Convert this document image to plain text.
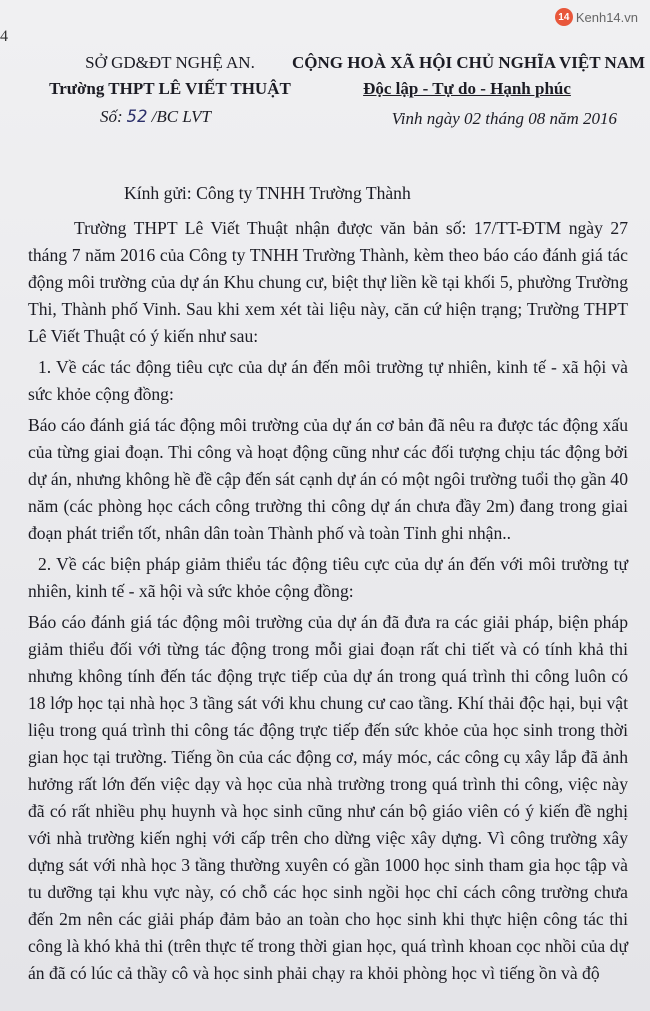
4
14 Kenh14.vn
SỞ GD&ĐT NGHỆ AN.
Trường THPT LÊ VIẾT THUẬT
Số: 52 /BC LVT
CỘNG HOÀ XÃ HỘI CHỦ NGHĨA VIỆT NAM
Độc lập - Tự do - Hạnh phúc
Vinh ngày 02 tháng 08 năm 2016

Kính gửi: Công ty TNHH Trường Thành

Trường THPT Lê Viết Thuật nhận được văn bản số: 17/TT-ĐTM ngày 27 tháng 7 năm 2016 của Công ty TNHH Trường Thành, kèm theo báo cáo đánh giá tác động môi trường của dự án Khu chung cư, biệt thự liền kề tại khối 5, phường Trường Thi, Thành phố Vinh. Sau khi xem xét tài liệu này, căn cứ hiện trạng; Trường THPT Lê Viết Thuật có ý kiến như sau:

1. Về các tác động tiêu cực của dự án đến môi trường tự nhiên, kinh tế - xã hội và sức khỏe cộng đồng:

Báo cáo đánh giá tác động môi trường của dự án cơ bản đã nêu ra được tác động xấu của từng giai đoạn. Thi công và hoạt động cũng như các đối tượng chịu tác động bởi dự án, nhưng không hề đề cập đến sát cạnh dự án có một ngôi trường tuổi thọ gần 40 năm (các phòng học cách công trường thi công dự án chưa đầy 2m) đang trong giai đoạn phát triển tốt, nhân dân toàn Thành phố và toàn Tỉnh ghi nhận..

2. Về các biện pháp giảm thiểu tác động tiêu cực của dự án đến với môi trường tự nhiên, kinh tế - xã hội và sức khỏe cộng đồng:

Báo cáo đánh giá tác động môi trường của dự án đã đưa ra các giải pháp, biện pháp giảm thiểu đối với từng tác động trong mỗi giai đoạn rất chi tiết và có tính khả thi nhưng không tính đến tác động trực tiếp của dự án trong quá trình thi công luôn có 18 lớp học tại nhà học 3 tầng sát với khu chung cư cao tầng. Khí thải độc hại, bụi vật liệu trong quá trình thi công tác động trực tiếp đến sức khỏe của học sinh trong thời gian học tại trường. Tiếng ồn của các động cơ, máy móc, các công cụ xây lắp đã ảnh hưởng rất lớn đến việc dạy và học của nhà trường trong quá trình thi công, việc này đã có rất nhiều phụ huynh và học sinh cũng như cán bộ giáo viên có ý kiến đề nghị với nhà trường kiến nghị với cấp trên cho dừng việc xây dựng. Vì công trường xây dựng sát với nhà học 3 tầng thường xuyên có gần 1000 học sinh tham gia học tập và tu dưỡng tại khu vực này, có chỗ các học sinh ngồi học chỉ cách công trường chưa đến 2m nên các giải pháp đảm bảo an toàn cho học sinh khi thực hiện công tác thi công là khó khả thi (trên thực tế trong thời gian học, quá trình khoan cọc nhồi của dự án đã có lúc cả thầy cô và học sinh phải chạy ra khỏi phòng học vì tiếng ồn và độ
